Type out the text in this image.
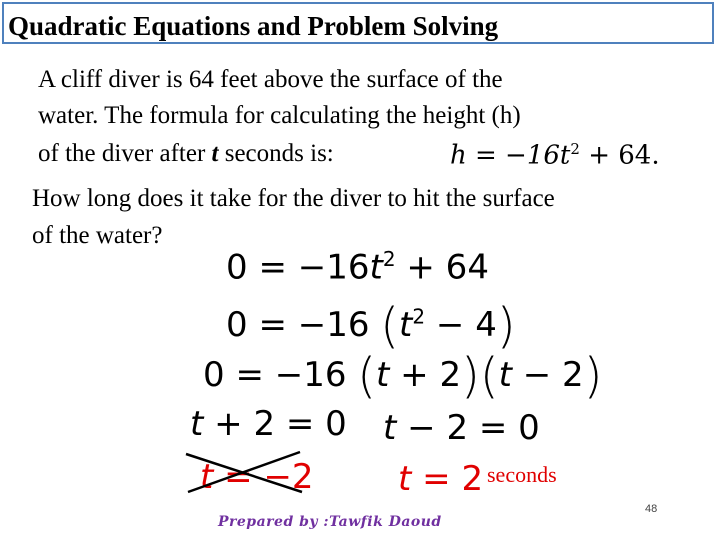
Quadratic Equations and Problem Solving
A cliff diver is 64 feet above the surface of the
water. The formula for calculating the height (h)
of the diver after t seconds is:	$h = -16t^2 + 64$.
How long does it take for the diver to hit the surface
of the water?
$0 = -16t^2 + 64$
0 = −16 $(t^2 - 4)$
0 = −16 (t + 2)(t − 2)
t + 2 = 0 t − 2 = 0
t = −2 t = 2 seconds
48
Prepared by :Tawfik Daoud
